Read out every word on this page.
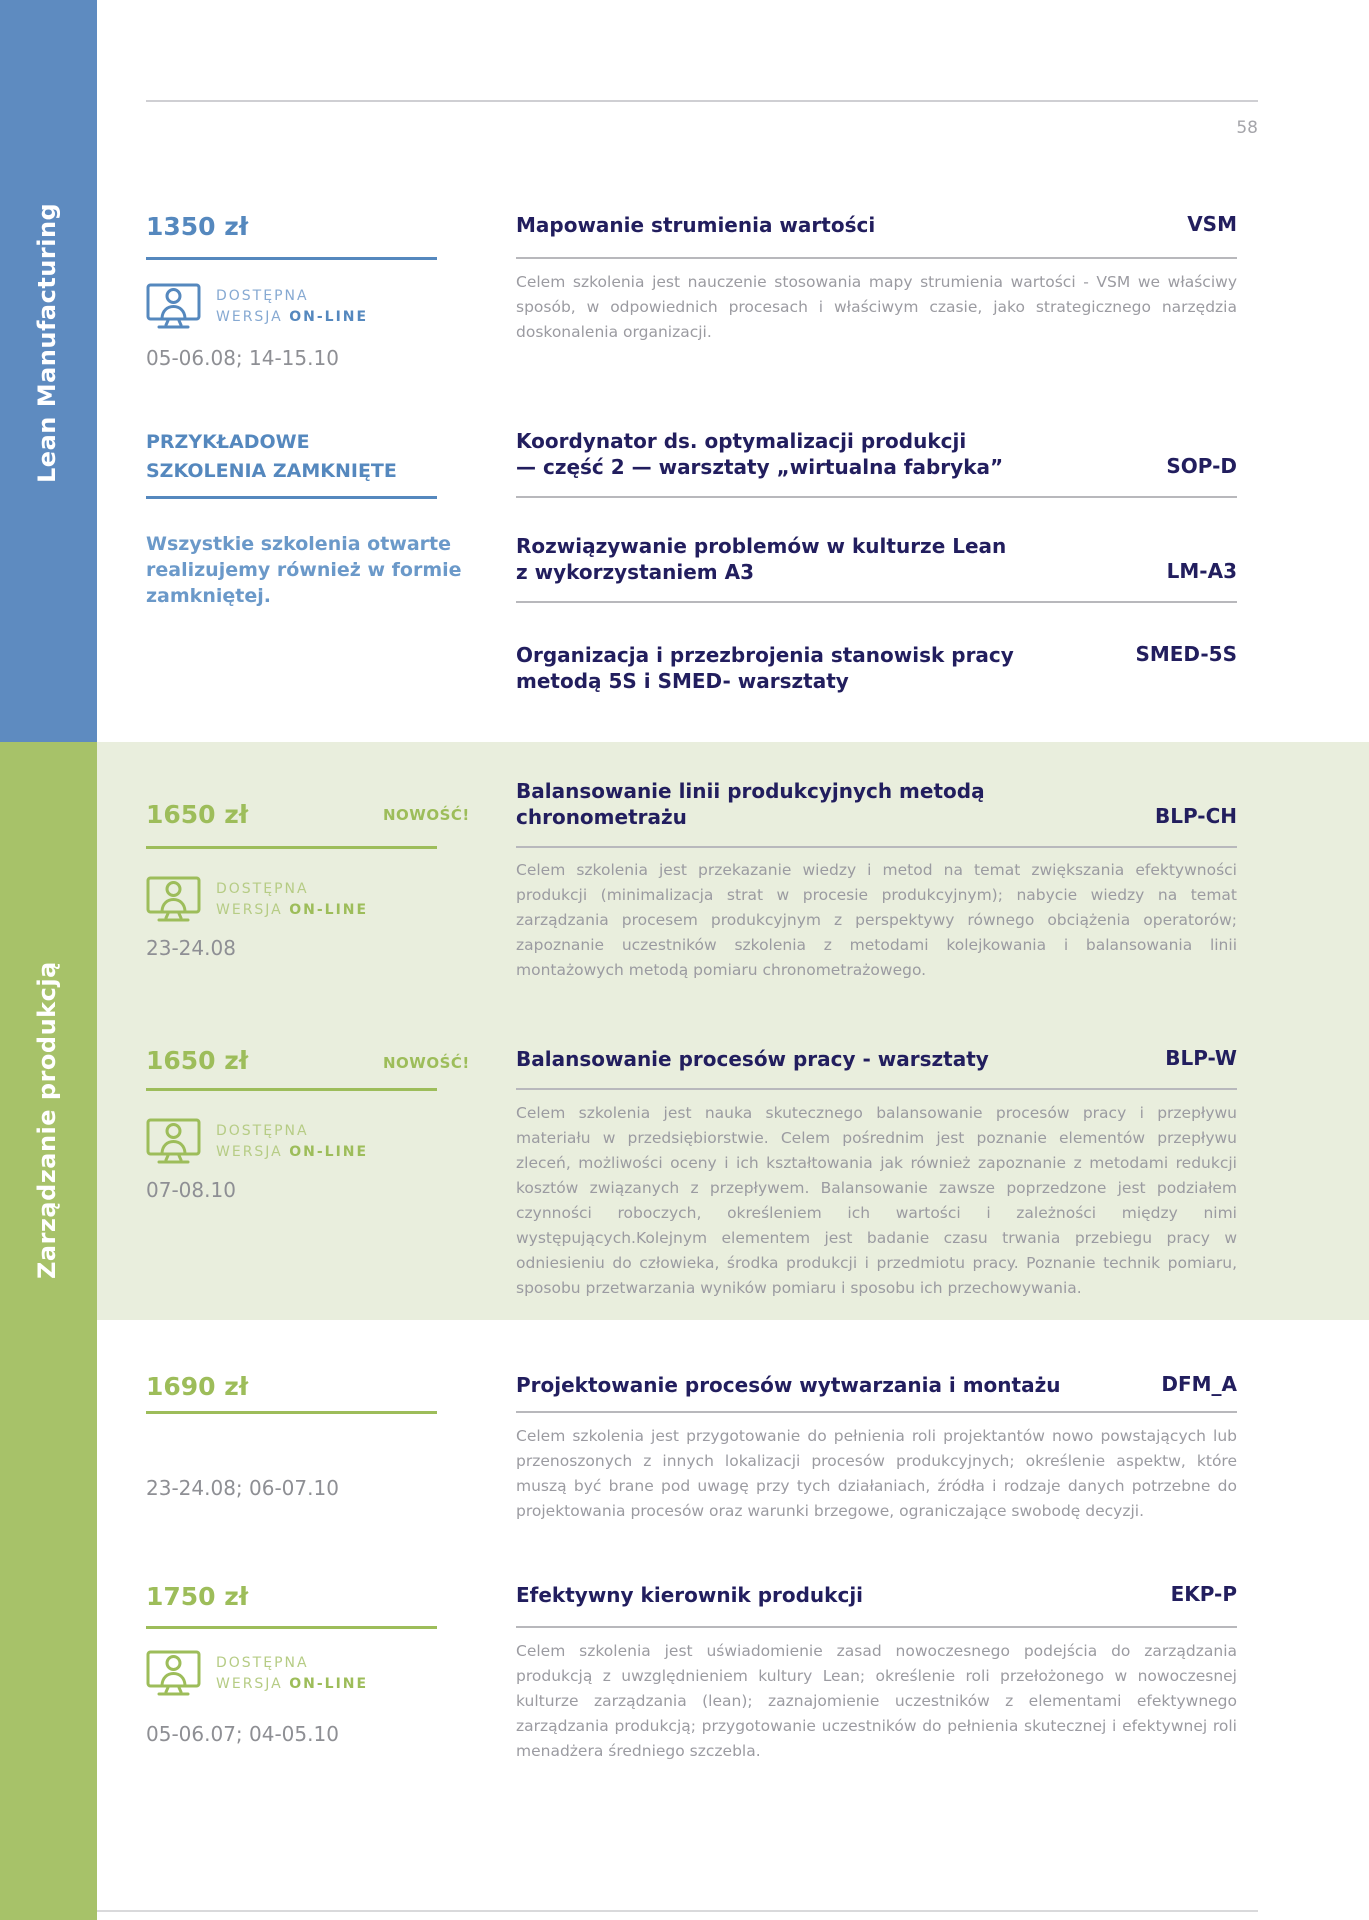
Lean Manufacturing
Zarządzanie produkcją
58
1350 zł
DOSTĘPNA
WERSJA ON-LINE
05-06.08; 14-15.10
Mapowanie strumienia wartości	VSM
Celem szkolenia jest nauczenie stosowania mapy strumienia wartości - VSM we właściwy sposób, w odpowiednich procesach i właściwym czasie, jako strategicznego narzędzia doskonalenia organizacji.
PRZYKŁADOWE
SZKOLENIA ZAMKNIĘTE
Wszystkie szkolenia otwarte
realizujemy również w formie
zamkniętej.
Koordynator ds. optymalizacji produkcji
— część 2 — warsztaty „wirtualna fabryka”	SOP-D
Rozwiązywanie problemów w kulturze Lean
z wykorzystaniem A3	LM-A3
Organizacja i przezbrojenia stanowisk pracy
metodą 5S i SMED- warsztaty
SMED-5S
1650 zł	NOWOŚĆ!
DOSTĘPNA
WERSJA ON-LINE
23-24.08
Balansowanie linii produkcyjnych metodą
chronometrażu	BLP-CH
Celem szkolenia jest przekazanie wiedzy i metod na temat zwiększania efektywności produkcji (minimalizacja strat w procesie produkcyjnym); nabycie wiedzy na temat zarządzania procesem produkcyjnym z perspektywy równego obciążenia operatorów; zapoznanie uczestników szkolenia z metodami kolejkowania i balansowania linii montażowych metodą pomiaru chronometrażowego.
1650 zł	NOWOŚĆ!
DOSTĘPNA
WERSJA ON-LINE
07-08.10
Balansowanie procesów pracy - warsztaty	BLP-W
Celem szkolenia jest nauka skutecznego balansowanie procesów pracy i przepływu materiału w przedsiębiorstwie. Celem pośrednim jest poznanie elementów przepływu zleceń, możliwości oceny i ich kształtowania jak również zapoznanie z metodami redukcji kosztów związanych z przepływem. Balansowanie zawsze poprzedzone jest podziałem czynności roboczych, określeniem ich wartości i zależności między nimi występujących.Kolejnym elementem jest badanie czasu trwania przebiegu pracy w odniesieniu do człowieka, środka produkcji i przedmiotu pracy. Poznanie technik pomiaru, sposobu przetwarzania wyników pomiaru i sposobu ich przechowywania.
1690 zł
23-24.08; 06-07.10
Projektowanie procesów wytwarzania i montażu	DFM_A
Celem szkolenia jest przygotowanie do pełnienia roli projektantów nowo powstających lub przenoszonych z innych lokalizacji procesów produkcyjnych; określenie aspektw, które muszą być brane pod uwagę przy tych działaniach, źródła i rodzaje danych potrzebne do projektowania procesów oraz warunki brzegowe, ograniczające swobodę decyzji.
1750 zł
DOSTĘPNA
WERSJA ON-LINE
05-06.07; 04-05.10
Efektywny kierownik produkcji	EKP-P
Celem szkolenia jest uświadomienie zasad nowoczesnego podejścia do zarządzania produkcją z uwzględnieniem kultury Lean; określenie roli przełożonego w nowoczesnej kulturze zarządzania (lean); zaznajomienie uczestników z elementami efektywnego zarządzania produkcją; przygotowanie uczestników do pełnienia skutecznej i efektywnej roli menadżera średniego szczebla.
